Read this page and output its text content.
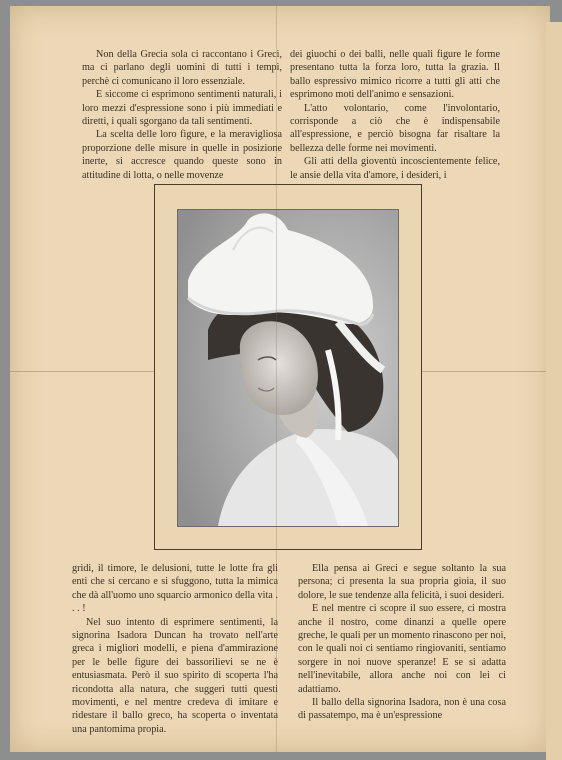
Non della Grecia sola ci raccontano i Greci, ma ci parlano degli uomini di tutti i tempi, perchè ci comunicano il loro essenziale.

E siccome ci esprimono sentimenti naturali, i loro mezzi d'espressione sono i più immediati e diretti, i quali sgorgano da tali sentimenti.

La scelta delle loro figure, e la meravigliosa proporzione delle misure in quelle in posizione inerte, si accresce quando queste sono in attitudine di lotta, o nelle movenze

dei giuochi o dei balli, nelle quali figure le forme presentano tutta la forza loro, tutta la grazia. Il ballo espressivo mimico ricorre a tutti gli atti che esprimono moti dell'animo e sensazioni.

L'atto volontario, come l'involontario, corrisponde a ciò che è indispensabile all'espressione, e perciò bisogna far risaltare la bellezza delle forme nei movimenti.

Gli atti della gioventù incoscientemente felice, le ansie della vita d'amore, i desideri, i

gridi, il timore, le delusioni, tutte le lotte fra gli enti che si cercano e si sfuggono, tutta la mimica che dà all'uomo uno squarcio armonico della vita . . . !

Nel suo intento di esprimere sentimenti, la signorina Isadora Duncan ha trovato nell'arte greca i migliori modelli, e piena d'ammirazione per le belle figure dei bassorilievi se ne è entusiasmata. Però il suo spirito di scoperta l'ha ricondotta alla natura, che suggerì tutti questi movimenti, e nel mentre credeva di imitare e ridestare il ballo greco, ha scoperta o inventata una pantomima propia.

Ella pensa ai Greci e segue soltanto la sua persona; ci presenta la sua propria gioia, il suo dolore, le sue tendenze alla felicità, i suoi desideri.

E nel mentre ci scopre il suo essere, ci mostra anche il nostro, come dinanzi a quelle opere greche, le quali per un momento rinascono per noi, con le quali noi ci sentiamo ringiovaniti, sentiamo sorgere in noi nuove speranze! E se si adatta nell'inevitabile, allora anche noi con lei ci adattiamo.

Il ballo della signorina Isadora, non è una cosa di passatempo, ma è un'espressione
